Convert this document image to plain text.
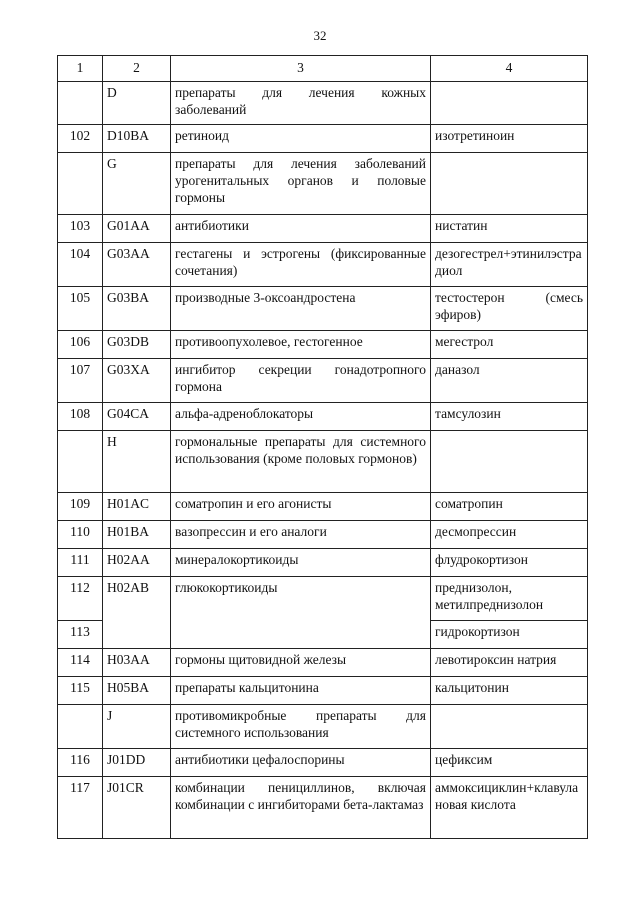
32
1	2	3	4
	D	препараты для лечения кожных заболеваний	
102	D10BA	ретиноид	изотретиноин
	G	препараты для лечения заболеваний урогенитальных органов и половые гормоны	
103	G01AA	антибиотики	нистатин
104	G03AA	гестагены и эстрогены (фиксированные сочетания)	дезогестрел+этинилэстрадиол
105	G03BA	производные 3-оксоандростена	тестостерон (смесь эфиров)
106	G03DB	противоопухолевое, гестогенное	мегестрол
107	G03XA	ингибитор секреции гонадотропного гормона	даназол
108	G04CA	альфа-адреноблокаторы	тамсулозин
	H	гормональные препараты для системного использования (кроме половых гормонов)	
109	H01AC	соматропин и его агонисты	соматропин
110	H01BA	вазопрессин и его аналоги	десмопрессин
111	H02AA	минералокортикоиды	флудрокортизон
112	H02AB	глюкокортикоиды	преднизолон, метилпреднизолон
113			гидрокортизон
114	H03AA	гормоны щитовидной железы	левотироксин натрия
115	H05BA	препараты кальцитонина	кальцитонин
	J	противомикробные препараты для системного использования	
116	J01DD	антибиотики цефалоспорины	цефиксим
117	J01CR	комбинации пенициллинов, включая комбинации с ингибиторами бета-лактамаз	аммоксициклин+клавулановая кислота
